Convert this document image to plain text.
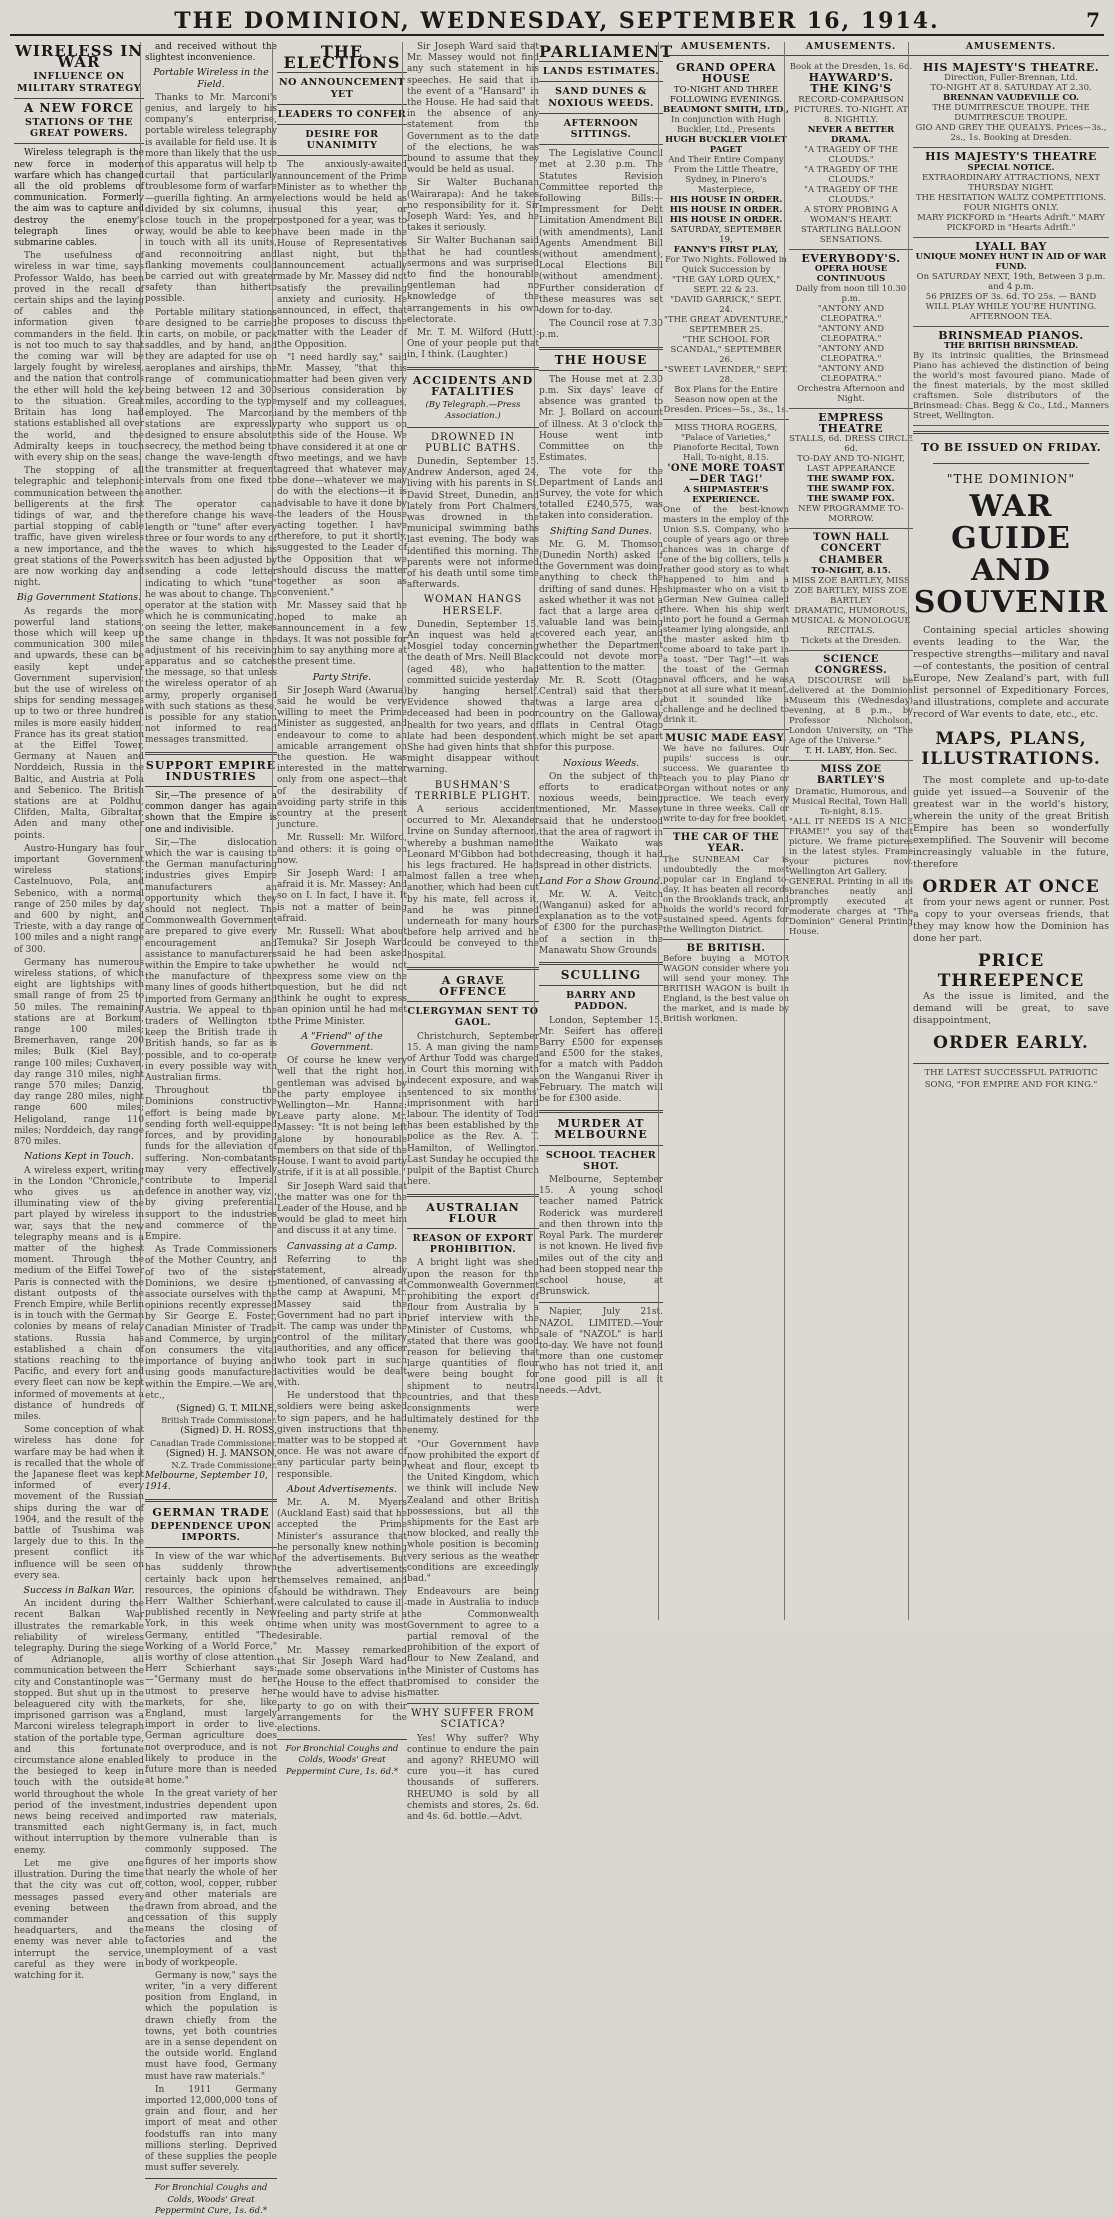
THE DOMINION, WEDNESDAY, SEPTEMBER 16, 1914.	7
WIRELESS IN WAR
INFLUENCE ON MILITARY STRATEGY
A NEW FORCE
STATIONS OF THE GREAT POWERS.

Wireless telegraph is the new force in modern warfare which has changed all the old problems of communication. Formerly the aim was to capture and destroy the enemy's telegraph lines or submarine cables.

The usefulness of wireless in war time, says Professor Waldo, has been proved in the recall of certain ships and the laying of cables and the information given to commanders in the field. It is not too much to say that the coming war will be largely fought by wireless, and the nation that controls the ether will hold the key to the situation. Great Britain has long had stations established all over the world, and the Admiralty keeps in touch with every ship on the seas.

The stopping of all telegraphic and telephonic communication between the belligerents at the first tidings of war, and the partial stopping of cable traffic, have given wireless a new importance, and the great stations of the Powers are now working day and night.

Big Government Stations.

As regards the more powerful land stations, those which will keep up communication 300 miles and upwards, these can be easily kept under Government supervision; but the use of wireless on ships for sending messages up to two or three hundred miles is more easily hidden. France has its great station at the Eiffel Tower, Germany at Nauen and Norddeich, Russia in the Baltic, and Austria at Pola and Sebenico. The British stations are at Poldhu, Clifden, Malta, Gibraltar, Aden and many other points.

Austro-Hungary has four important Government wireless stations; Castelnuovo, Pola, and Sebenico, with a normal range of 250 miles by day and 600 by night, and Trieste, with a day range of 100 miles and a night range of 300.

Germany has numerous wireless stations, of which eight are lightships with small range of from 25 to 50 miles. The remaining stations are at Borkum, range 100 miles; Bremerhaven, range 200 miles; Bulk (Kiel Bay), range 100 miles; Cuxhaven, day range 310 miles, night range 570 miles; Danzig, day range 280 miles, night range 600 miles; Heligoland, range 110 miles; Norddeich, day range 870 miles.

Nations Kept in Touch.

A wireless expert, writing in the London "Chronicle," who gives us an illuminating view of the part played by wireless in war, says that the new telegraphy means and is a matter of the highest moment. Through the medium of the Eiffel Tower Paris is connected with the distant outposts of the French Empire, while Berlin is in touch with the German colonies by means of relay stations. Russia has established a chain of stations reaching to the Pacific, and every fort and every fleet can now be kept informed of movements at a distance of hundreds of miles.

Some conception of what wireless has done for warfare may be had when it is recalled that the whole of the Japanese fleet was kept informed of every movement of the Russian ships during the war of 1904, and the result of the battle of Tsushima was largely due to this. In the present conflict its influence will be seen on every sea.

Success in Balkan War.

An incident during the recent Balkan War illustrates the remarkable reliability of wireless telegraphy. During the siege of Adrianople, all communication between the city and Constantinople was stopped. But shut up in the beleaguered city with the imprisoned garrison was a Marconi wireless telegraph station of the portable type, and this fortunate circumstance alone enabled the besieged to keep in touch with the outside world throughout the whole period of the investment, news being received and transmitted each night without interruption by the enemy.

Let me give one illustration. During the time that the city was cut off, messages passed every evening between the commander and headquarters, and the enemy was never able to interrupt the service, careful as they were in watching for it.

and received without the slightest inconvenience.

Portable Wireless in the Field.

Thanks to Mr. Marconi's genius, and largely to his company's enterprise, portable wireless telegraphy is available for field use. It is more than likely that the use of this apparatus will help to curtail that particularly troublesome form of warfare—guerilla fighting. An army divided by six columns, in close touch in the proper way, would be able to keep in touch with all its units, and reconnoitring and flanking movements could be carried out with greater safety than hitherto possible.

Portable military stations are designed to be carried in carts, on mobile, or pack saddles, and by hand, and they are adapted for use on aeroplanes and airships, the range of communication being between 12 and 300 miles, according to the type employed. The Marconi stations are expressly designed to ensure absolute secrecy, the method being to change the wave-length of the transmitter at frequent intervals from one fixed to another.

The operator can therefore change his wave-length or "tune" after every three or four words to any of the waves to which his switch has been adjusted by sending a code letter indicating to which "tune" he was about to change. The operator at the station with which he is communicating, on seeing the letter, makes the same change in the adjustment of his receiving apparatus and so catches the message, so that unless the wireless operator of an army, properly organised with such stations as these, is possible for any station not informed to read messages transmitted.

SUPPORT EMPIRE INDUSTRIES

Sir,—The presence of a common danger has again shown that the Empire is one and indivisible.

Sir,—The dislocation which the war is causing to the German manufacturing industries gives Empire manufacturers an opportunity which they should not neglect. The Commonwealth Government are prepared to give every encouragement and assistance to manufacturers within the Empire to take up the manufacture of the many lines of goods hitherto imported from Germany and Austria. We appeal to the traders of Wellington to keep the British trade in British hands, so far as is possible, and to co-operate in every possible way with Australian firms.

Throughout the Dominions constructive effort is being made by sending forth well-equipped forces, and by providing funds for the alleviation of suffering. Non-combatants may very effectively contribute to Imperial defence in another way, viz., by giving preferential support to the industries and commerce of the Empire.

As Trade Commissioners of the Mother Country, and of two of the sister Dominions, we desire to associate ourselves with the opinions recently expressed by Sir George E. Foster, Canadian Minister of Trade and Commerce, by urging on consumers the vital importance of buying and using goods manufactured within the Empire.—We are, etc.,

(Signed) G. T. MILNE,
British Trade Commissioner.
(Signed) D. H. ROSS,
Canadian Trade Commissioner.
(Signed) H. J. MANSON,
N.Z. Trade Commissioner.
Melbourne, September 10, 1914.
GERMAN TRADE
DEPENDENCE UPON IMPORTS.

In view of the war which has suddenly thrown certainly back upon her resources, the opinions of Herr Walther Schierhant, published recently in New York, in this week on Germany, entitled "The Working of a World Force," is worthy of close attention. Herr Schierhant says:—"Germany must do her utmost to preserve her markets, for she, like England, must largely import in order to live. German agriculture does not overproduce, and is not likely to produce in the future more than is needed at home."

In the great variety of her industries dependent upon imported raw materials, Germany is, in fact, much more vulnerable than is commonly supposed. The figures of her imports show that nearly the whole of her cotton, wool, copper, rubber and other materials are drawn from abroad, and the cessation of this supply means the closing of factories and the unemployment of a vast body of workpeople.

Germany is now," says the writer, "in a very different position from England, in which the population is drawn chiefly from the towns, yet both countries are in a sense dependent on the outside world. England must have food, Germany must have raw materials."

In 1911 Germany imported 12,000,000 tons of grain and flour, and her import of meat and other foodstuffs ran into many millions sterling. Deprived of these supplies the people must suffer severely.

For Bronchial Coughs and Colds, Woods' Great Peppermint Cure, 1s. 6d.*
THE ELECTIONS
NO ANNOUNCEMENT YET
LEADERS TO CONFER
DESIRE FOR UNANIMITY

The anxiously-awaited announcement of the Prime Minister as to whether the elections would be held as usual this year, or postponed for a year, was to have been made in the House of Representatives last night, but the announcement actually made by Mr. Massey did not satisfy the prevailing anxiety and curiosity. He announced, in effect, that he proposes to discuss the matter with the Leader of the Opposition.

"I need hardly say," said Mr. Massey, "that this matter had been given very serious consideration by myself and my colleagues, and by the members of the party who support us on this side of the House. We have considered it at one or two meetings, and we have agreed that whatever may be done—whatever we may do with the elections—it is advisable to have it done by the leaders of the House acting together. I have therefore, to put it shortly, suggested to the Leader of the Opposition that we should discuss the matter together as soon as convenient."

Mr. Massey said that he hoped to make an announcement in a few days. It was not possible for him to say anything more at the present time.

Party Strife.

Sir Joseph Ward (Awarua) said he would be very willing to meet the Prime Minister as suggested, and endeavour to come to an amicable arrangement on the question. He was interested in the matter only from one aspect—that of the desirability of avoiding party strife in this country at the present juncture.

Mr. Russell: Mr. Wilford, and others: it is going on now.

Sir Joseph Ward: I am afraid it is. Mr. Massey: And so on I. In fact, I have it. It is not a matter of being afraid.

Mr. Russell: What about Temuka? Sir Joseph Ward said he had been asked whether he would not express some view on the question, but he did not think he ought to express an opinion until he had met the Prime Minister.

A "Friend" of the Government.

Of course he knew very well that the right hon. gentleman was advised by the party employee in Wellington—Mr. Hanna: Leave party alone. Mr. Massey: "It is not being left alone by honourable members on that side of the House. I want to avoid party strife, if it is at all possible."

Sir Joseph Ward said that the matter was one for the Leader of the House, and he would be glad to meet him and discuss it at any time.

Canvassing at a Camp.

Referring to the statement, already mentioned, of canvassing at the camp at Awapuni, Mr. Massey said the Government had no part in it. The camp was under the control of the military authorities, and any officer who took part in such activities would be dealt with.

He understood that the soldiers were being asked to sign papers, and he had given instructions that the matter was to be stopped at once. He was not aware of any particular party being responsible.

About Advertisements.

Mr. A. M. Myers (Auckland East) said that he accepted the Prime Minister's assurance that he personally knew nothing of the advertisements. But the advertisements themselves remained, and should be withdrawn. They were calculated to cause ill-feeling and party strife at a time when unity was most desirable.

Mr. Massey remarked that Sir Joseph Ward had made some observations in the House to the effect that he would have to advise his party to go on with their arrangements for the elections.

For Bronchial Coughs and Colds, Woods' Great Peppermint Cure, 1s. 6d.*

Sir Joseph Ward said that Mr. Massey would not find any such statement in his speeches. He said that in the event of a "Hansard" in the House. He had said that in the absence of any statement from the Government as to the date of the elections, he was bound to assume that they would be held as usual.

Sir Walter Buchanan (Wairarapa): And he takes no responsibility for it. Sir Joseph Ward: Yes, and he takes it seriously.

Sir Walter Buchanan said that he had countless sermons and was surprised to find the honourable gentleman had no knowledge of the arrangements in his own electorate.

Mr. T. M. Wilford (Hutt): One of your people put that in, I think. (Laughter.)

ACCIDENTS AND FATALITIES
(By Telegraph.—Press Association.)
DROWNED IN PUBLIC BATHS.

Dunedin, September 15. Andrew Anderson, aged 24, living with his parents in St. David Street, Dunedin, and lately from Port Chalmers, was drowned in the municipal swimming baths last evening. The body was identified this morning. The parents were not informed of his death until some time afterwards.

WOMAN HANGS HERSELF.

Dunedin, September 15. An inquest was held at Mosgiel today concerning the death of Mrs. Neill Black (aged 48), who had committed suicide yesterday by hanging herself. Evidence showed that deceased had been in poor health for two years, and of late had been despondent. She had given hints that she might disappear without warning.

BUSHMAN'S TERRIBLE PLIGHT.

A serious accident occurred to Mr. Alexander Irvine on Sunday afternoon, whereby a bushman named Leonard M'Gibbon had both his legs fractured. He had almost fallen a tree when another, which had been cut by his mate, fell across it, and he was pinned underneath for many hours before help arrived and he could be conveyed to the hospital.

A GRAVE OFFENCE
CLERGYMAN SENT TO GAOL.

Christchurch, September 15. A man giving the name of Arthur Todd was charged in Court this morning with indecent exposure, and was sentenced to six months' imprisonment with hard labour. The identity of Todd has been established by the police as the Rev. A. T. Hamilton, of Wellington. Last Sunday he occupied the pulpit of the Baptist Church here.

AUSTRALIAN FLOUR
REASON OF EXPORT PROHIBITION.

A bright light was shed upon the reason for the Commonwealth Government prohibiting the export of flour from Australia by a brief interview with the Minister of Customs, who stated that there was good reason for believing that large quantities of flour were being bought for shipment to neutral countries, and that these consignments were ultimately destined for the enemy.

"Our Government have now prohibited the export of wheat and flour, except to the United Kingdom, which we think will include New Zealand and other British possessions, but all the shipments for the East are now blocked, and really the whole position is becoming very serious as the weather conditions are exceedingly bad."

Endeavours are being made in Australia to induce the Commonwealth Government to agree to a partial removal of the prohibition of the export of flour to New Zealand, and the Minister of Customs has promised to consider the matter.

WHY SUFFER FROM SCIATICA?

Yes! Why suffer? Why continue to endure the pain and agony? RHEUMO will cure you—it has cured thousands of sufferers. RHEUMO is sold by all chemists and stores, 2s. 6d. and 4s. 6d. bottle.—Advt.

PARLIAMENT
LANDS ESTIMATES.
SAND DUNES & NOXIOUS WEEDS.
AFTERNOON SITTINGS.

The Legislative Council met at 2.30 p.m. The Statutes Revision Committee reported the following Bills:—Impressment for Debt Limitation Amendment Bill (with amendments), Land Agents Amendment Bill (without amendment), Local Elections Bill (without amendment). Further consideration of these measures was set down for to-day.

The Council rose at 7.30 p.m.

THE HOUSE

The House met at 2.30 p.m. Six days' leave of absence was granted to Mr. J. Bollard on account of illness. At 3 o'clock the House went into Committee on the Estimates.

The vote for the Department of Lands and Survey, the vote for which totalled £240,575, was taken into consideration.

Shifting Sand Dunes.

Mr. G. M. Thomson (Dunedin North) asked if the Government was doing anything to check the drifting of sand dunes. He asked whether it was not a fact that a large area of valuable land was being covered each year, and whether the Department could not devote more attention to the matter.

Mr. R. Scott (Otago Central) said that there was a large area of country on the Galloway flats in Central Otago which might be set apart for this purpose.

Noxious Weeds.

On the subject of the efforts to eradicate noxious weeds, being mentioned, Mr. Massey said that he understood that the area of ragwort in the Waikato was decreasing, though it had spread in other districts.

Land For a Show Ground.

Mr. W. A. Veitch (Wanganui) asked for an explanation as to the vote of £300 for the purchase of a section in the Manawatu Show Grounds.

SCULLING
BARRY AND PADDON.

London, September 15. Mr. Seifert has offered Barry £500 for expenses and £500 for the stakes, for a match with Paddon on the Wanganui River in February. The match will be for £300 aside.

MURDER AT MELBOURNE
SCHOOL TEACHER SHOT.

Melbourne, September 15. A young school teacher named Patrick Roderick was murdered and then thrown into the Royal Park. The murderer is not known. He lived five miles out of the city and had been stopped near the school house, at Brunswick.

Napier, July 21st. NAZOL LIMITED.—Your sale of "NAZOL" is hard to-day. We have not found more than one customer who has not tried it, and one good pill is all it needs.—Advt.

AMUSEMENTS.
GRAND OPERA HOUSE
TO-NIGHT AND THREE FOLLOWING EVENINGS.
BEAUMONT SMITH, LTD.,
In conjunction with Hugh Buckler, Ltd., Presents
HUGH BUCKLER VIOLET PAGET
And Their Entire Company From the Little Theatre, Sydney, in Pinero's Masterpiece,
HIS HOUSE IN ORDER.
HIS HOUSE IN ORDER.
HIS HOUSE IN ORDER.
SATURDAY, SEPTEMBER 19,
FANNY'S FIRST PLAY,
For Two Nights. Followed in Quick Succession by
"THE GAY LORD QUEX," SEPT. 22 & 23.
"DAVID GARRICK," SEPT. 24.
"THE GREAT ADVENTURE," SEPTEMBER 25.
"THE SCHOOL FOR SCANDAL," SEPTEMBER 26.
"SWEET LAVENDER," SEPT. 28.
Box Plans for the Entire Season now open at the Dresden. Prices—5s., 3s., 1s.
MISS THORA ROGERS, "Palace of Varieties," Pianoforte Recital, Town Hall, To-night, 8.15.
'ONE MORE TOAST—DER TAG!'
A SHIPMASTER'S EXPERIENCE.
One of the best-known masters in the employ of the Union S.S. Company, who a couple of years ago or three chances was in charge of one of the big colliers, tells a rather good story as to what happened to him and a shipmaster who on a visit to German New Guinea called there. When his ship went into port he found a German steamer lying alongside, and the master asked him to come aboard to take part in a toast. "Der Tag!"—it was the toast of the German naval officers, and he was not at all sure what it meant, but it sounded like a challenge and he declined to drink it.
MUSIC MADE EASY.
We have no failures. Our pupils' success is our success. We guarantee to teach you to play Piano or Organ without notes or any practice. We teach every tune in three weeks. Call or write to-day for free booklet.
THE CAR OF THE YEAR.
The SUNBEAM Car is undoubtedly the most popular car in England to-day. It has beaten all records on the Brooklands track, and holds the world's record for sustained speed. Agents for the Wellington District.
BE BRITISH.
Before buying a MOTOR WAGON consider where you will send your money. The BRITISH WAGON is built in England, is the best value on the market, and is made by British workmen.
AMUSEMENTS.
Book at the Dresden, 1s. 6d.
HAYWARD'S.
THE KING'S
RECORD-COMPARISON PICTURES. TO-NIGHT. AT 8. NIGHTLY.
NEVER A BETTER DRAMA.
"A TRAGEDY OF THE CLOUDS."
"A TRAGEDY OF THE CLOUDS."
"A TRAGEDY OF THE CLOUDS."
A STORY PROBING A WOMAN'S HEART.
STARTLING BALLOON SENSATIONS.
EVERYBODY'S.
OPERA HOUSE CONTINUOUS
Daily from noon till 10.30 p.m.
"ANTONY AND CLEOPATRA."
"ANTONY AND CLEOPATRA."
"ANTONY AND CLEOPATRA."
"ANTONY AND CLEOPATRA."
Orchestra Afternoon and Night.
EMPRESS THEATRE
STALLS, 6d. DRESS CIRCLE 6d.
TO-DAY AND TO-NIGHT, LAST APPEARANCE
THE SWAMP FOX.
THE SWAMP FOX.
THE SWAMP FOX.
NEW PROGRAMME TO-MORROW.
TOWN HALL CONCERT CHAMBER
TO-NIGHT, 8.15.
MISS ZOE BARTLEY, MISS ZOE BARTLEY, MISS ZOE BARTLEY
DRAMATIC, HUMOROUS, MUSICAL & MONOLOGUE RECITALS.
Tickets at the Dresden.
SCIENCE CONGRESS.
A DISCOURSE will be delivered at the Dominion Museum this (Wednesday) evening, at 8 p.m., by Professor Nicholson, London University, on "The Age of the Universe."
T. H. LABY, Hon. Sec.
MISS ZOE BARTLEY'S
Dramatic, Humorous, and Musical Recital, Town Hall, To-night, 8.15.
"ALL IT NEEDS IS A NICE FRAME!" you say of that picture. We frame pictures in the latest styles. Frame your pictures now. Wellington Art Gallery.
GENERAL Printing in all its branches neatly and promptly executed at moderate charges at "The Dominion" General Printing House.
AMUSEMENTS.
HIS MAJESTY'S THEATRE.
Direction, Fuller-Brennan, Ltd.
TO-NIGHT AT 8. SATURDAY AT 2.30.
BRENNAN VAUDEVILLE CO.
THE DUMITRESCUE TROUPE. THE DUMITRESCUE TROUPE.
GIO AND GREY THE QUEALYS. Prices—3s., 2s., 1s. Booking at Dresden.
HIS MAJESTY'S THEATRE
SPECIAL NOTICE.
EXTRAORDINARY ATTRACTIONS, NEXT THURSDAY NIGHT.
THE HESITATION WALTZ COMPETITIONS. FOUR NIGHTS ONLY.
MARY PICKFORD in "Hearts Adrift." MARY PICKFORD in "Hearts Adrift."
LYALL BAY
UNIQUE MONEY HUNT IN AID OF WAR FUND.
On SATURDAY NEXT, 19th, Between 3 p.m. and 4 p.m.
56 PRIZES OF 3s. 6d. TO 25s. — BAND WILL PLAY WHILE YOU'RE HUNTING.
AFTERNOON TEA.
BRINSMEAD PIANOS.
THE BRITISH BRINSMEAD.
By its intrinsic qualities, the Brinsmead Piano has achieved the distinction of being the world's most favoured piano. Made of the finest materials, by the most skilled craftsmen. Sole distributors of the Brinsmead: Chas. Begg & Co., Ltd., Manners Street, Wellington.
TO BE ISSUED ON FRIDAY.
"THE DOMINION"
WAR GUIDE
AND SOUVENIR

Containing special articles showing events leading to the War, the respective strengths—military and naval—of contestants, the position of central Europe, New Zealand's part, with full list personnel of Expeditionary Forces, and illustrations, complete and accurate record of War events to date, etc., etc.

MAPS, PLANS, ILLUSTRATIONS.

The most complete and up-to-date guide yet issued—a Souvenir of the greatest war in the world's history, wherein the unity of the great British Empire has been so wonderfully exemplified. The Souvenir will become increasingly valuable in the future, therefore

ORDER AT ONCE

from your news agent or runner. Post a copy to your overseas friends, that they may know how the Dominion has done her part.

PRICE THREEPENCE

As the issue is limited, and the demand will be great, to save disappointment,

ORDER EARLY.
THE LATEST SUCCESSFUL PATRIOTIC SONG, "FOR EMPIRE AND FOR KING."
